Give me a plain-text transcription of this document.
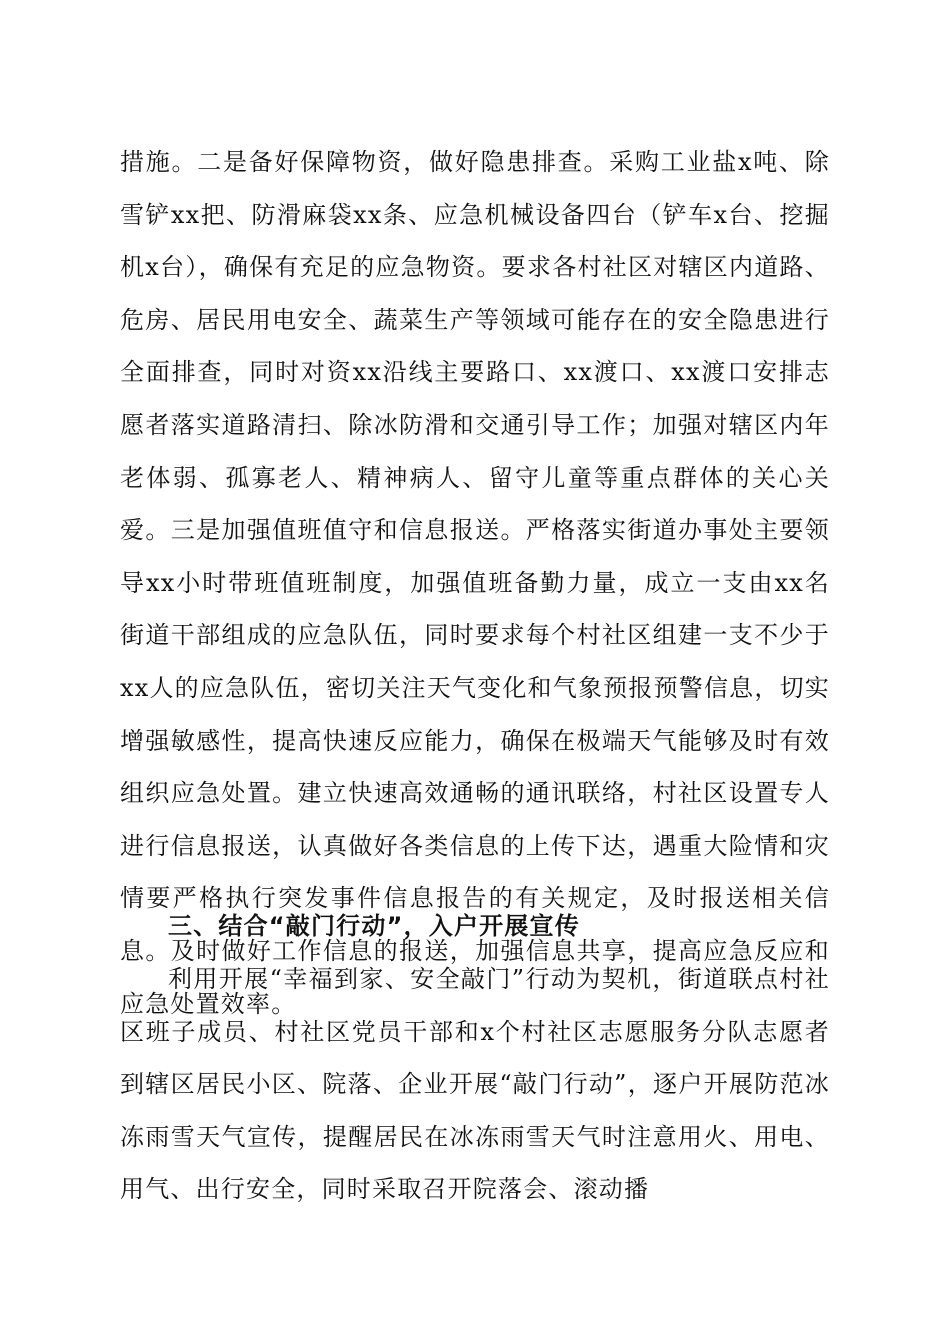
措施。二是备好保障物资，做好隐患排查。采购工业盐x吨、除雪铲xx把、防滑麻袋xx条、应急机械设备四台（铲车x台、挖掘机x台），确保有充足的应急物资。要求各村社区对辖区内道路、危房、居民用电安全、蔬菜生产等领域可能存在的安全隐患进行全面排查，同时对资xx沿线主要路口、xx渡口、xx渡口安排志愿者落实道路清扫、除冰防滑和交通引导工作；加强对辖区内年老体弱、孤寡老人、精神病人、留守儿童等重点群体的关心关爱。三是加强值班值守和信息报送。严格落实街道办事处主要领导xx小时带班值班制度，加强值班备勤力量，成立一支由xx名街道干部组成的应急队伍，同时要求每个村社区组建一支不少于xx人的应急队伍，密切关注天气变化和气象预报预警信息，切实增强敏感性，提高快速反应能力，确保在极端天气能够及时有效组织应急处置。建立快速高效通畅的通讯联络，村社区设置专人进行信息报送，认真做好各类信息的上传下达，遇重大险情和灾情要严格执行突发事件信息报告的有关规定，及时报送相关信息。及时做好工作信息的报送，加强信息共享，提高应急反应和应急处置效率。
三、结合“敲门行动”，入户开展宣传
利用开展“幸福到家、安全敲门”行动为契机，街道联点村社区班子成员、村社区党员干部和x个村社区志愿服务分队志愿者到辖区居民小区、院落、企业开展“敲门行动”，逐户开展防范冰冻雨雪天气宣传，提醒居民在冰冻雨雪天气时注意用火、用电、用气、出行安全，同时采取召开院落会、滚动播
